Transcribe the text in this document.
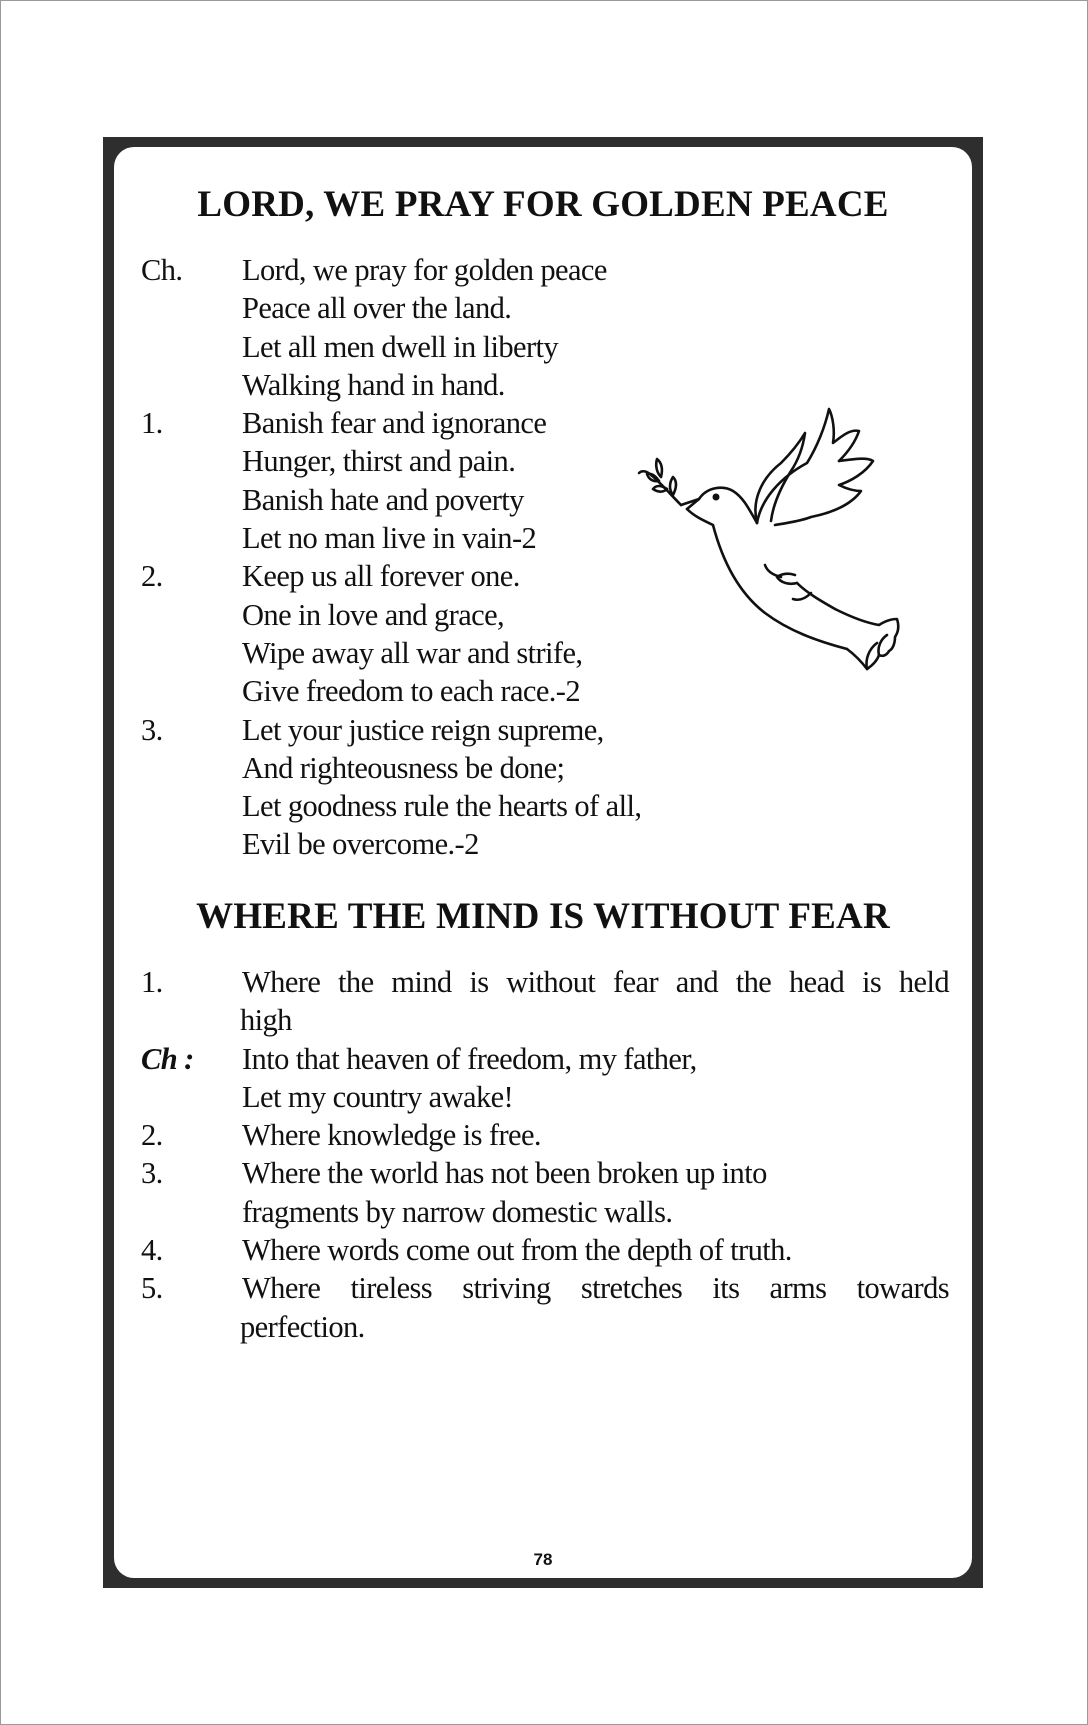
LORD, WE PRAY FOR GOLDEN PEACE
Ch. Lord, we pray for golden peace
Peace all over the land.
Let all men dwell in liberty
Walking hand in hand.
1.	Banish fear and ignorance
Hunger, thirst and pain.
Banish hate and poverty
Let no man live in vain-2
2.	Keep us all forever one.
One in love and grace,
Wipe away all war and strife,
Give freedom to each race.-2
3.	Let your justice reign supreme,
And righteousness be done;
Let goodness rule the hearts of all,
Evil be overcome.-2
WHERE THE MIND IS WITHOUT FEAR
1.	Where the mind is without fear and the head is held
high
Ch : Into that heaven of freedom, my father,
Let my country awake!
2.	Where knowledge is free.
3.	Where the world has not been broken up into
fragments by narrow domestic walls.
4.	Where words come out from the depth of truth.
5.	Where tireless striving stretches its arms towards
perfection.
78
